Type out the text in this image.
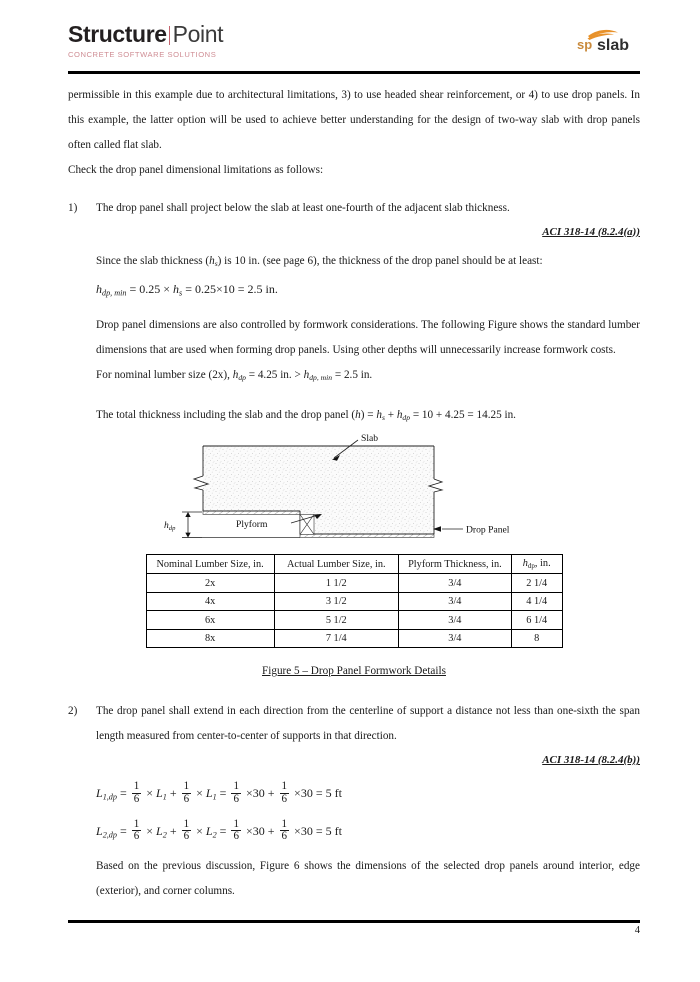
Structure Point
CONCRETE SOFTWARE SOLUTIONS
sp slab

permissible in this example due to architectural limitations, 3) to use headed shear reinforcement, or 4) to use drop panels. In this example, the latter option will be used to achieve better understanding for the design of two-way slab with drop panels often called flat slab.

Check the drop panel dimensional limitations as follows:

1)	The drop panel shall project below the slab at least one-fourth of the adjacent slab thickness.

ACI 318-14 (8.2.4(a))

Since the slab thickness $(h_s)$ is 10 in. (see page 6), the thickness of the drop panel should be at least:

$h_{dp, min} = 0.25 \times h_s = 0.25\times 10 = 2.5$ in.

Drop panel dimensions are also controlled by formwork considerations. The following Figure shows the standard lumber dimensions that are used when forming drop panels. Using other depths will unnecessarily increase formwork costs.

For nominal lumber size (2x), $h_{dp} = 4.25$ in. > $h_{dp, min} = 2.5$ in.

The total thickness including the slab and the drop panel $(h) = h_s + h_{dp} = 10 + 4.25 = 14.25$ in.

Slab
Plyform	Drop Panel
$h_{dp}$
Nominal Lumber Size, in.	Actual Lumber Size, in.	Plyform Thickness, in.	$h_{dp}$, in.
2x	1 1/2	3/4	2 1/4
4x	3 1/2	3/4	4 1/4
6x	5 1/2	3/4	6 1/4
8x	7 1/4	3/4	8
Figure 5 – Drop Panel Formwork Details
2)	The drop panel shall extend in each direction from the centerline of support a distance not less than one-sixth the span length measured from center-to-center of supports in that direction.

ACI 318-14 (8.2.4(b))

$L_{1,dp} = \frac{1}{6} \times L_1 + \frac{1}{6} \times L_1 = \frac{1}{6} \times 30 + \frac{1}{6} \times 30 = 5$ ft
$L_{2,dp} = \frac{1}{6} \times L_2 + \frac{1}{6} \times L_2 = \frac{1}{6} \times 30 + \frac{1}{6} \times 30 = 5$ ft

Based on the previous discussion, Figure 6 shows the dimensions of the selected drop panels around interior, edge (exterior), and corner columns.

4
